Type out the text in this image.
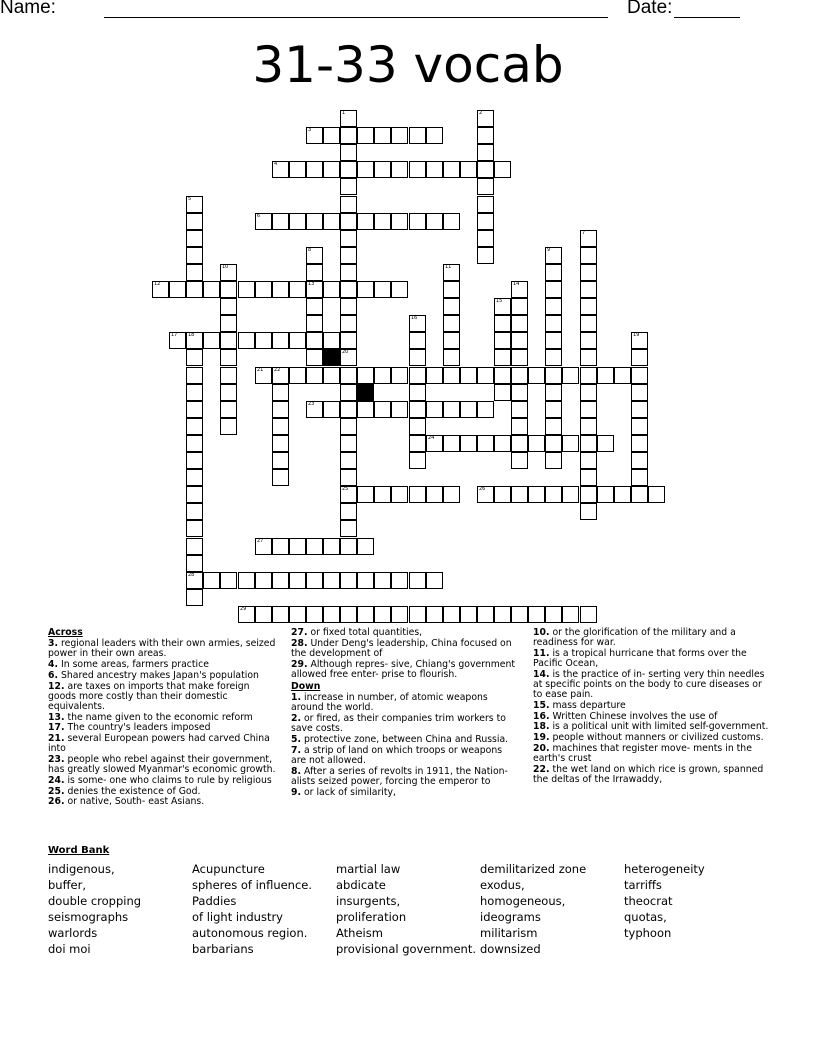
Name:	Date:
31-33 vocab
1
20
25
2
3
4
5
6
7
8
13
9
10	11
12	14
15
16
17 18
28
19
21 22
23
24
26
27
29
Across
3. regional leaders with their own armies, seized power in their own areas.
4. In some areas, farmers practice
6. Shared ancestry makes Japan's population
12. are taxes on imports that make foreign goods more costly than their domestic equivalents.
13. the name given to the economic reform
17. The country's leaders imposed
21. several European powers had carved China into
23. people who rebel against their government, has greatly slowed Myanmar's economic growth.
24. is some- one who claims to rule by religious
25. denies the existence of God.
26. or native, South- east Asians.
27. or fixed total quantities,
28. Under Deng's leadership, China focused on the development of
29. Although repres- sive, Chiang's government allowed free enter- prise to flourish.
Down
1. increase in number, of atomic weapons around the world.
2. or fired, as their companies trim workers to save costs.
5. protective zone, between China and Russia.
7. a strip of land on which troops or weapons are not allowed.
8. After a series of revolts in 1911, the Nation- alists seized power, forcing the emperor to
9. or lack of similarity,
10. or the glorification of the military and a readiness for war.
11. is a tropical hurricane that forms over the Pacific Ocean,
14. is the practice of in- serting very thin needles at specific points on the body to cure diseases or to ease pain.
15. mass departure
16. Written Chinese involves the use of
18. is a political unit with limited self-government.
19. people without manners or civilized customs.
20. machines that register move- ments in the earth's crust
22. the wet land on which rice is grown, spanned the deltas of the Irrawaddy,
Word Bank
indigenous,
buffer,
double cropping
seismographs
warlords
doi moi
Acupuncture
spheres of influence.
Paddies
of light industry
autonomous region.
barbarians
martial law
abdicate
insurgents,
proliferation
Atheism
provisional government.
demilitarized zone
exodus,
homogeneous,
ideograms
militarism
downsized
heterogeneity
tarriffs
theocrat
quotas,
typhoon
